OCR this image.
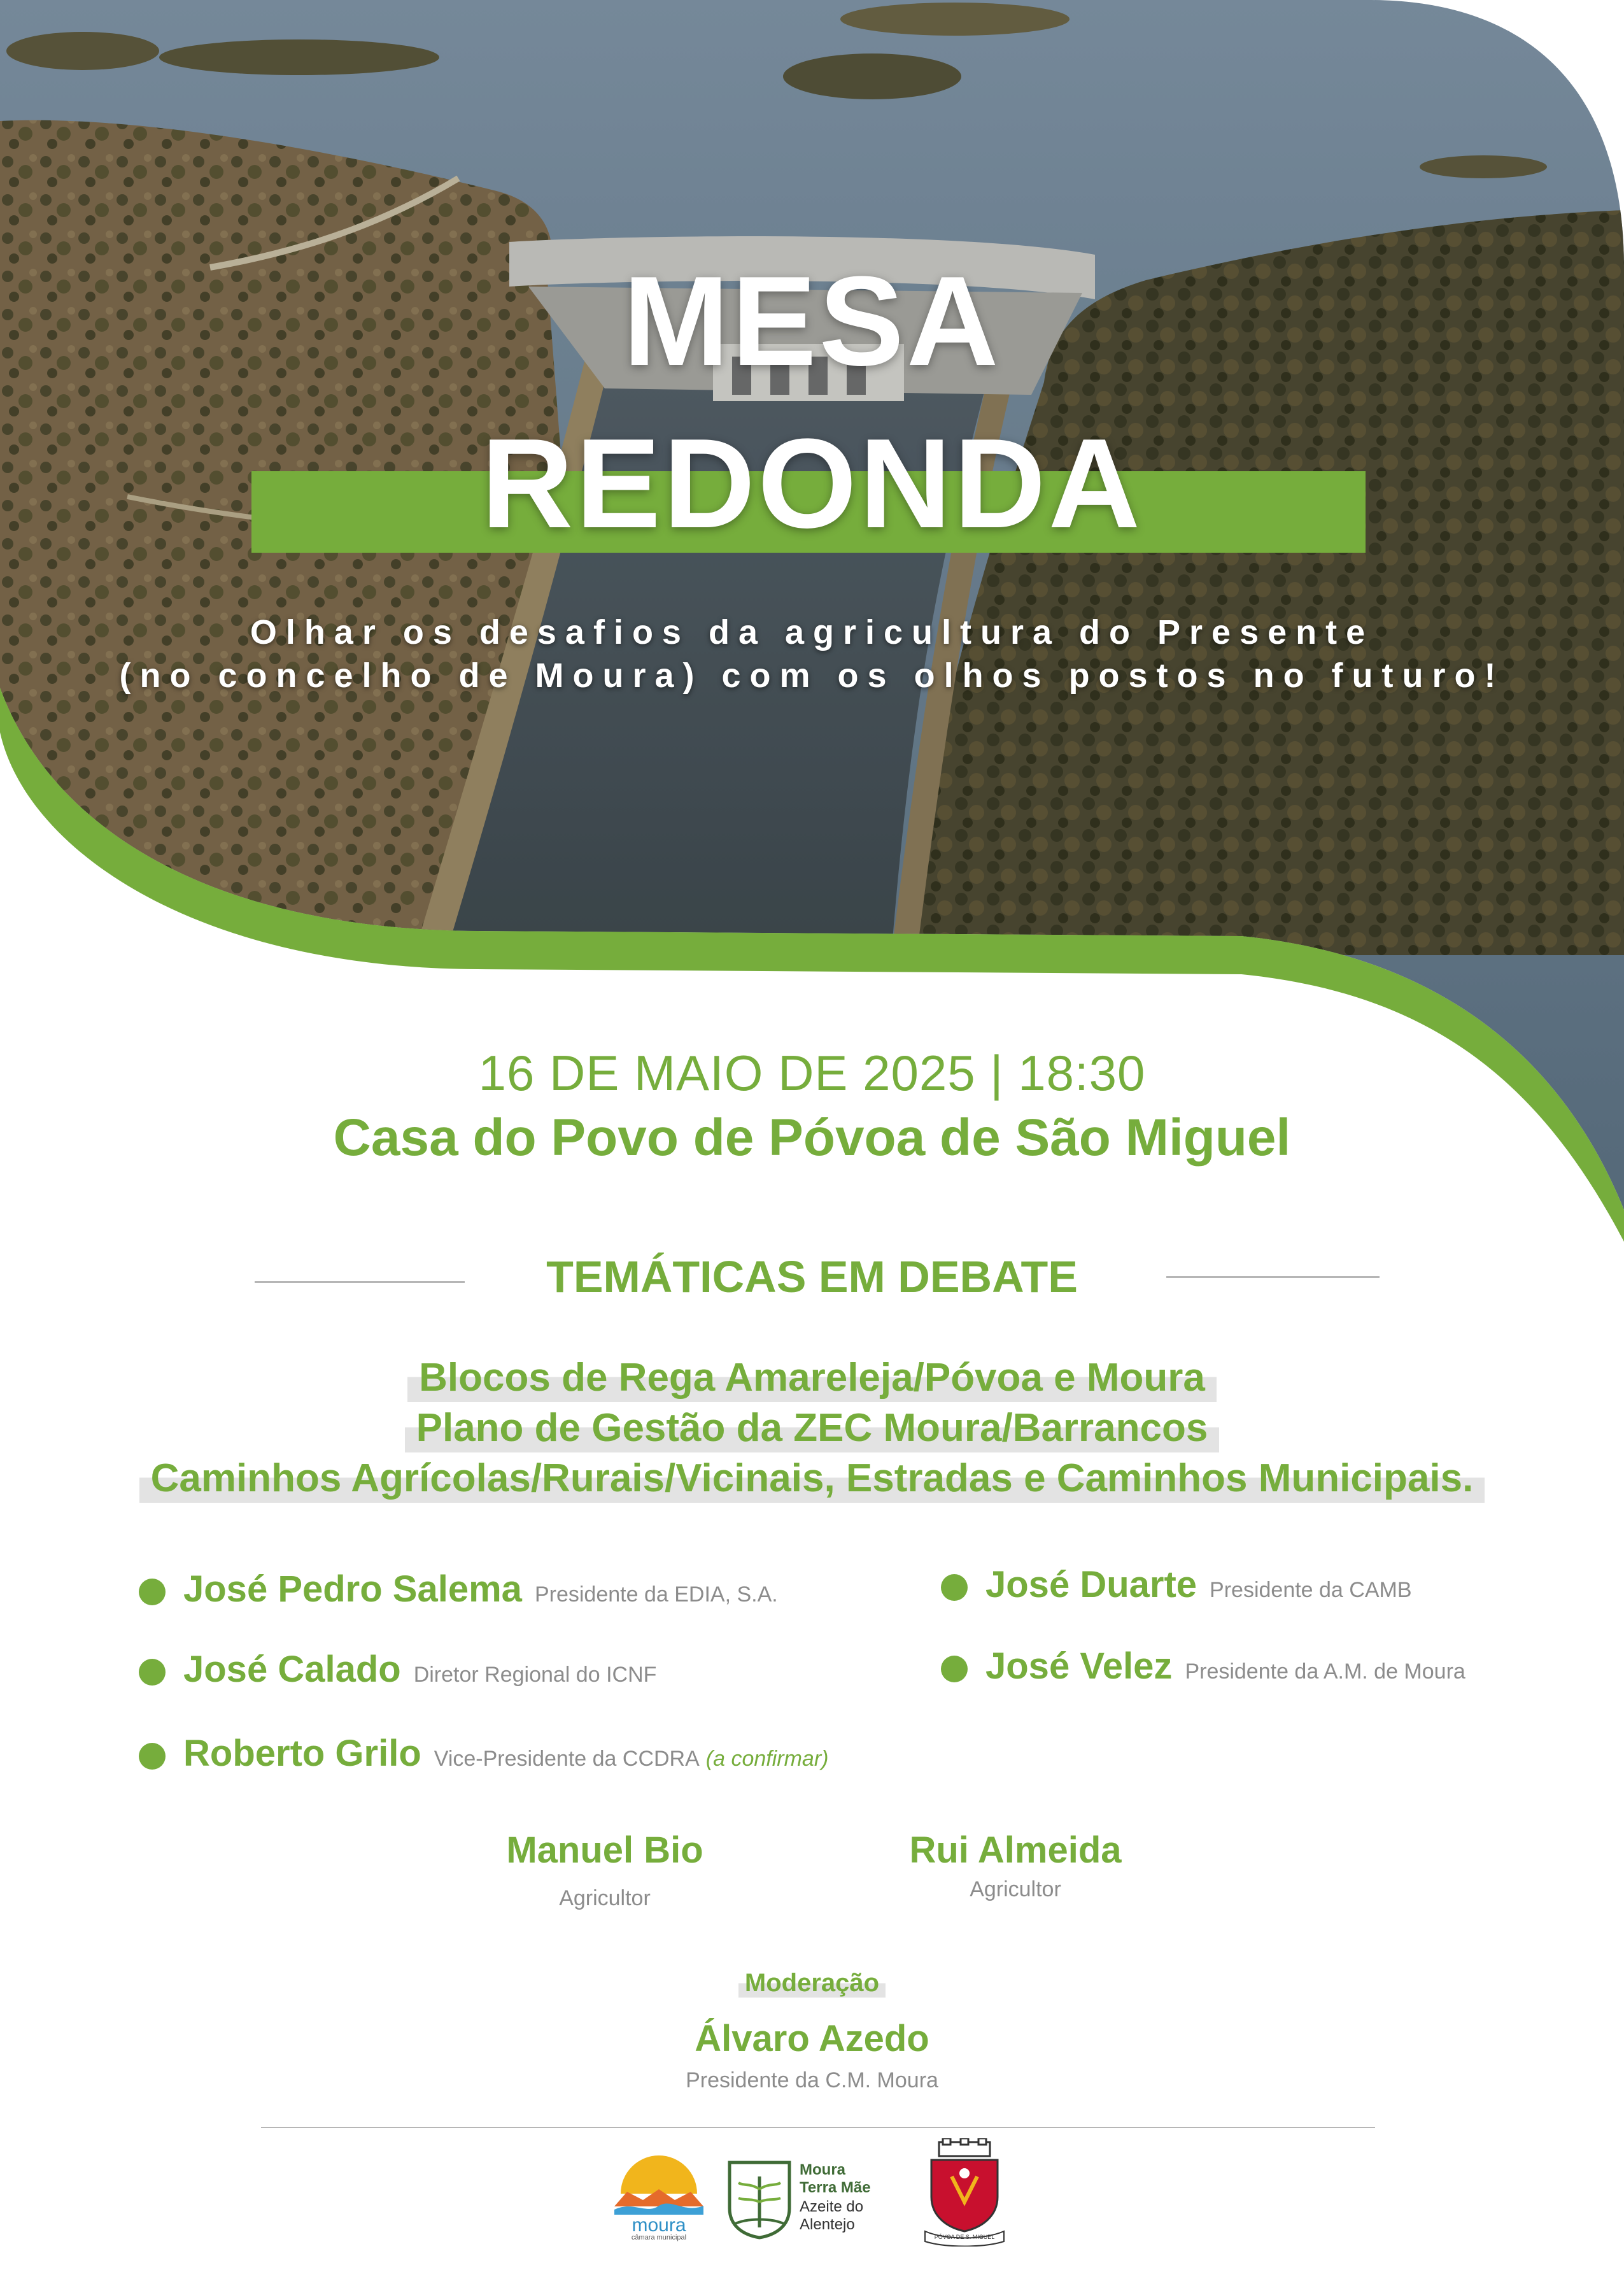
MESA
REDONDA
Olhar os desafios da agricultura do Presente
(no concelho de Moura) com os olhos postos no futuro!
16 DE MAIO DE 2025 | 18:30
Casa do Povo de Póvoa de São Miguel
TEMÁTICAS EM DEBATE
Blocos de Rega Amareleja/Póvoa e Moura
Plano de Gestão da ZEC Moura/Barrancos
Caminhos Agrícolas/Rurais/Vicinais, Estradas e Caminhos Municipais.
José Pedro Salema Presidente da EDIA, S.A.	José Duarte Presidente da CAMB
José Calado Diretor Regional do ICNF	José Velez Presidente da A.M. de Moura
Roberto Grilo Vice-Presidente da CCDRA (a confirmar)
Manuel Bio
Agricultor
Rui Almeida
Agricultor
Moderação
Álvaro Azedo
Presidente da C.M. Moura
moura
câmara municipal
Moura
Terra Mãe
Azeite do
Alentejo
PÓVOA DE S. MIGUEL
